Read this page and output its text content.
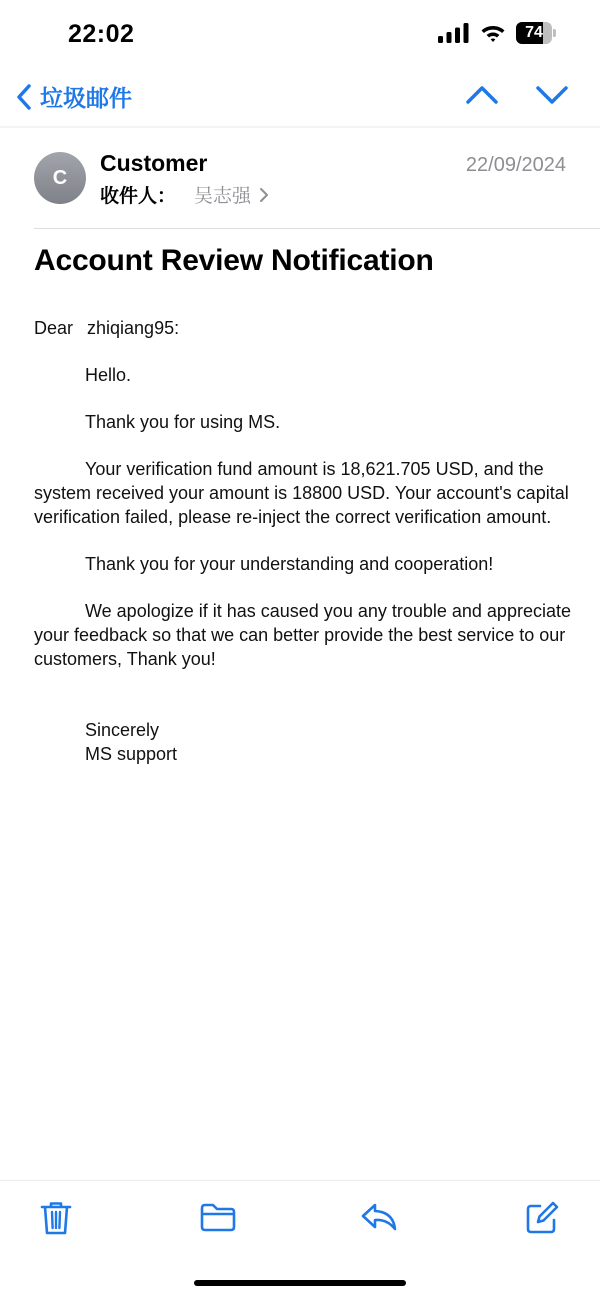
22:02	74
垃圾邮件
C
Customer
收件人： 吴志强
22/09/2024
Account Review Notification

Dear zhiqiang95:

Hello.

Thank you for using MS.

Your verification fund amount is 18,621.705 USD, and the system received your amount is 18800 USD. Your account's capital verification failed, please re-inject the correct verification amount.

Thank you for your understanding and cooperation!

We apologize if it has caused you any trouble and appreciate your feedback so that we can better provide the best service to our customers, Thank you!

Sincerely
MS support
